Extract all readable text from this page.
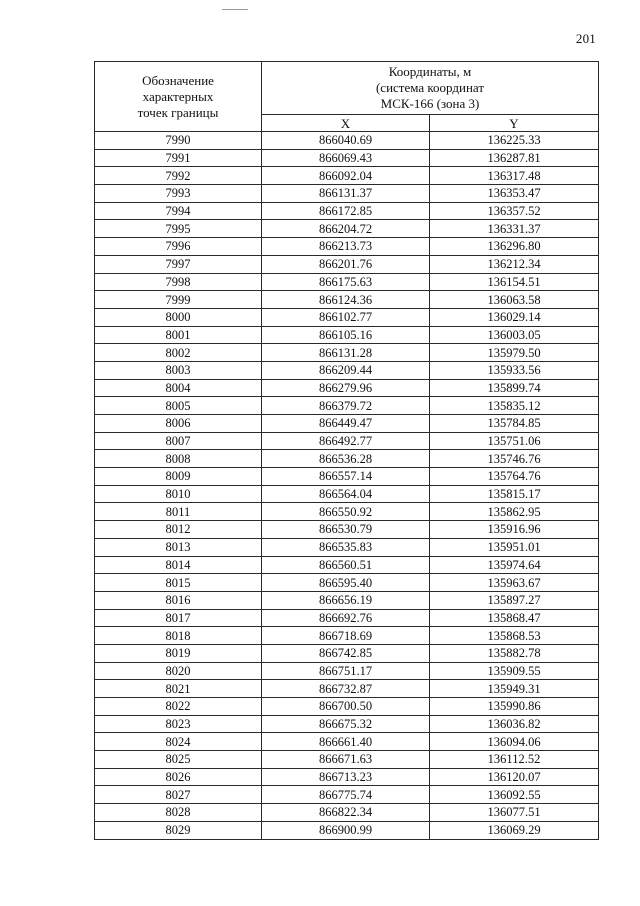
201
Обозначение
характерных
точек границы	Координаты, м
(система координат
МСК-166 (зона 3)	

	X	Y
7990	866040.69	136225.33
7991	866069.43	136287.81
7992	866092.04	136317.48
7993	866131.37	136353.47
7994	866172.85	136357.52
7995	866204.72	136331.37
7996	866213.73	136296.80
7997	866201.76	136212.34
7998	866175.63	136154.51
7999	866124.36	136063.58
8000	866102.77	136029.14
8001	866105.16	136003.05
8002	866131.28	135979.50
8003	866209.44	135933.56
8004	866279.96	135899.74
8005	866379.72	135835.12
8006	866449.47	135784.85
8007	866492.77	135751.06
8008	866536.28	135746.76
8009	866557.14	135764.76
8010	866564.04	135815.17
8011	866550.92	135862.95
8012	866530.79	135916.96
8013	866535.83	135951.01
8014	866560.51	135974.64
8015	866595.40	135963.67
8016	866656.19	135897.27
8017	866692.76	135868.47
8018	866718.69	135868.53
8019	866742.85	135882.78
8020	866751.17	135909.55
8021	866732.87	135949.31
8022	866700.50	135990.86
8023	866675.32	136036.82
8024	866661.40	136094.06
8025	866671.63	136112.52
8026	866713.23	136120.07
8027	866775.74	136092.55
8028	866822.34	136077.51
8029	866900.99	136069.29
